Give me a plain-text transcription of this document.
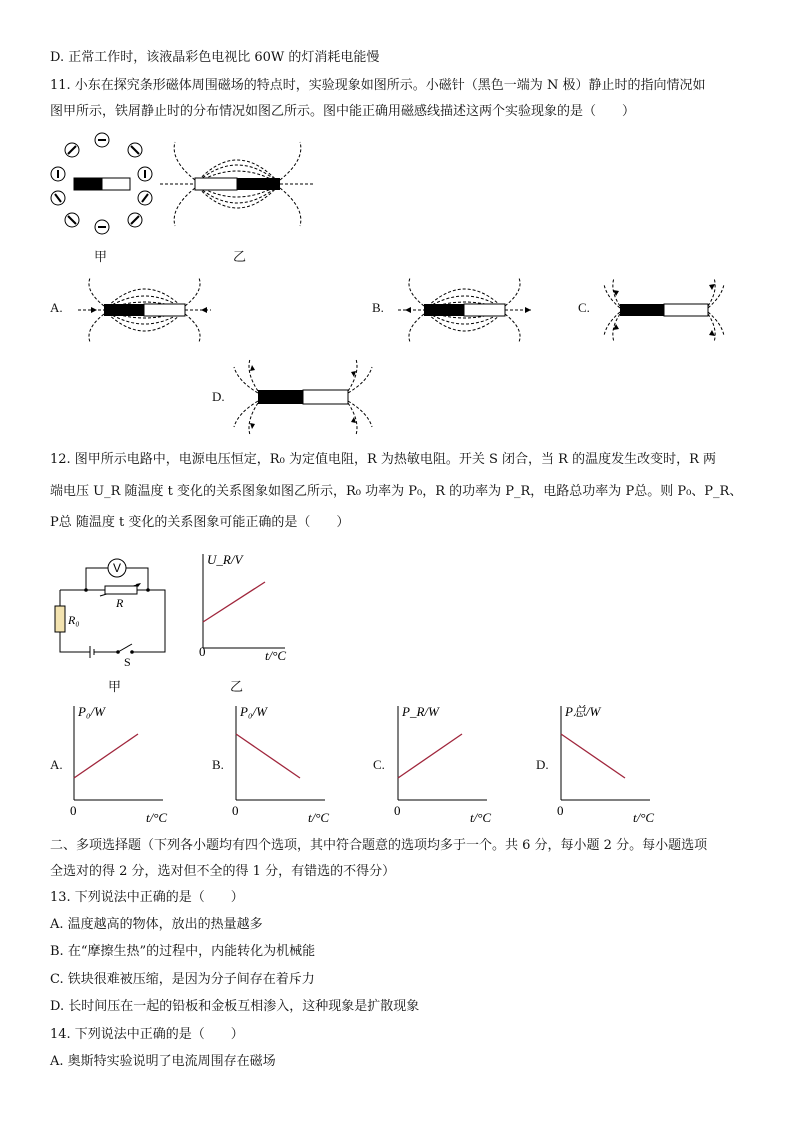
D. 正常工作时，该液晶彩色电视比 60W 的灯消耗电能慢
11. 小东在探究条形磁体周围磁场的特点时，实验现象如图所示。小磁针（黑色一端为 N 极）静止时的指向情况如
图甲所示，铁屑静止时的分布情况如图乙所示。图中能正确用磁感线描述这两个实验现象的是（　　）
甲	乙
A.	B.	C.
D.
12. 图甲所示电路中，电源电压恒定，R₀ 为定值电阻，R 为热敏电阻。开关 S 闭合，当 R 的温度发生改变时，R 两
端电压 U_R 随温度 t 变化的关系图象如图乙所示，R₀ 功率为 P₀，R 的功率为 P_R，电路总功率为 P总。则 P₀、P_R、
P总 随温度 t 变化的关系图象可能正确的是（　　）
V
R
R₀
S
甲
U_R/V
0	t/°C
乙
A.
P₀/W
0	t/°C
B.
P₀/W
0	t/°C
C.
P_R/W
0	t/°C
D.
P总/W
0	t/°C
二、多项选择题（下列各小题均有四个选项，其中符合题意的选项均多于一个。共 6 分，每小题 2 分。每小题选项
全选对的得 2 分，选对但不全的得 1 分，有错选的不得分）
13. 下列说法中正确的是（　　）
A. 温度越高的物体，放出的热量越多
B. 在“摩擦生热”的过程中，内能转化为机械能
C. 铁块很难被压缩，是因为分子间存在着斥力
D. 长时间压在一起的铅板和金板互相渗入，这种现象是扩散现象
14. 下列说法中正确的是（　　）
A. 奥斯特实验说明了电流周围存在磁场
